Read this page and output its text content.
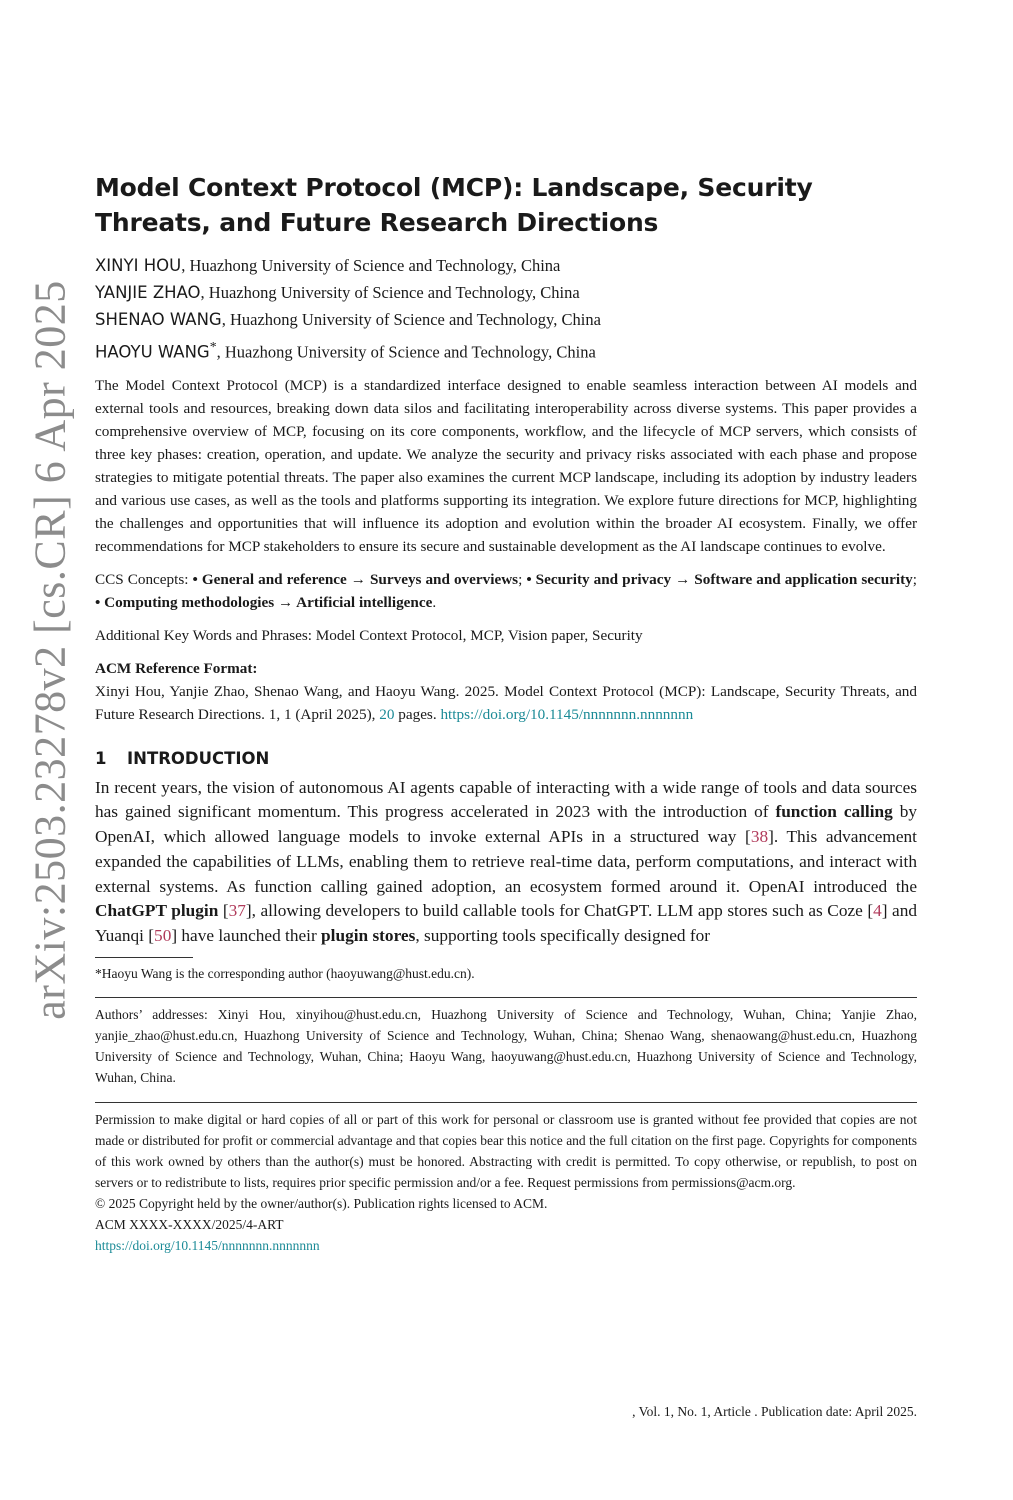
arXiv:2503.23278v2 [cs.CR] 6 Apr 2025
Model Context Protocol (MCP): Landscape, Security Threats, and Future Research Directions
XINYI HOU, Huazhong University of Science and Technology, China
YANJIE ZHAO, Huazhong University of Science and Technology, China
SHENAO WANG, Huazhong University of Science and Technology, China
HAOYU WANG*, Huazhong University of Science and Technology, China
The Model Context Protocol (MCP) is a standardized interface designed to enable seamless interaction between AI models and external tools and resources, breaking down data silos and facilitating interoperability across diverse systems. This paper provides a comprehensive overview of MCP, focusing on its core components, workflow, and the lifecycle of MCP servers, which consists of three key phases: creation, operation, and update. We analyze the security and privacy risks associated with each phase and propose strategies to mitigate potential threats. The paper also examines the current MCP landscape, including its adoption by industry leaders and various use cases, as well as the tools and platforms supporting its integration. We explore future directions for MCP, highlighting the challenges and opportunities that will influence its adoption and evolution within the broader AI ecosystem. Finally, we offer recommendations for MCP stakeholders to ensure its secure and sustainable development as the AI landscape continues to evolve.
CCS Concepts: • General and reference → Surveys and overviews; • Security and privacy → Software and application security; • Computing methodologies → Artificial intelligence.
Additional Key Words and Phrases: Model Context Protocol, MCP, Vision paper, Security
ACM Reference Format:
Xinyi Hou, Yanjie Zhao, Shenao Wang, and Haoyu Wang. 2025. Model Context Protocol (MCP): Landscape, Security Threats, and Future Research Directions. 1, 1 (April 2025), 20 pages. https://doi.org/10.1145/nnnnnnn.nnnnnnn
1 INTRODUCTION
In recent years, the vision of autonomous AI agents capable of interacting with a wide range of tools and data sources has gained significant momentum. This progress accelerated in 2023 with the introduction of function calling by OpenAI, which allowed language models to invoke external APIs in a structured way [38]. This advancement expanded the capabilities of LLMs, enabling them to retrieve real-time data, perform computations, and interact with external systems. As function calling gained adoption, an ecosystem formed around it. OpenAI introduced the ChatGPT plugin [37], allowing developers to build callable tools for ChatGPT. LLM app stores such as Coze [4] and Yuanqi [50] have launched their plugin stores, supporting tools specifically designed for
*Haoyu Wang is the corresponding author (haoyuwang@hust.edu.cn).
Authors’ addresses: Xinyi Hou, xinyihou@hust.edu.cn, Huazhong University of Science and Technology, Wuhan, China; Yanjie Zhao, yanjie_zhao@hust.edu.cn, Huazhong University of Science and Technology, Wuhan, China; Shenao Wang, shenaowang@hust.edu.cn, Huazhong University of Science and Technology, Wuhan, China; Haoyu Wang, haoyuwang@hust.edu.cn, Huazhong University of Science and Technology, Wuhan, China.
Permission to make digital or hard copies of all or part of this work for personal or classroom use is granted without fee provided that copies are not made or distributed for profit or commercial advantage and that copies bear this notice and the full citation on the first page. Copyrights for components of this work owned by others than the author(s) must be honored. Abstracting with credit is permitted. To copy otherwise, or republish, to post on servers or to redistribute to lists, requires prior specific permission and/or a fee. Request permissions from permissions@acm.org.
© 2025 Copyright held by the owner/author(s). Publication rights licensed to ACM.
ACM XXXX-XXXX/2025/4-ART
https://doi.org/10.1145/nnnnnnn.nnnnnnn
, Vol. 1, No. 1, Article . Publication date: April 2025.
